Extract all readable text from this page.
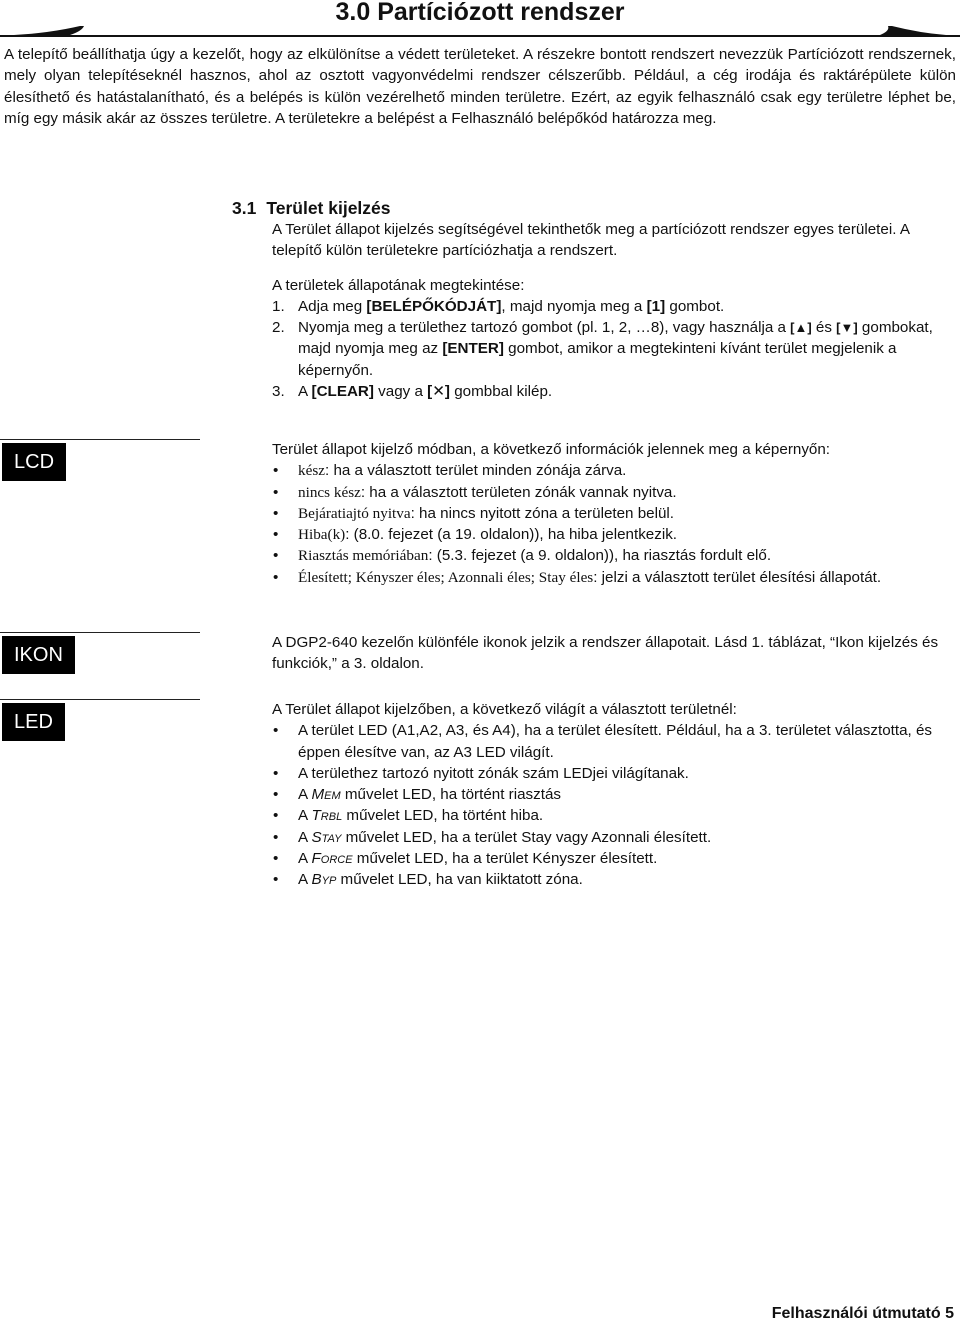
3.0 Partíciózott rendszer
A telepítő beállíthatja úgy a kezelőt, hogy az elkülönítse a védett területeket. A részekre bontott rendszert nevezzük Partíciózott rendszernek, mely olyan telepítéseknél hasznos, ahol az osztott vagyonvédelmi rendszer célszerűbb. Például, a cég irodája és raktárépülete külön élesíthető és hatástalanítható, és a belépés is külön vezérelhető minden területre. Ezért, az egyik felhasználó csak egy területre léphet be, míg egy másik akár az összes területre. A területekre a belépést a Felhasználó belépőkód határozza meg.
3.1 Terület kijelzés

A Terület állapot kijelzés segítségével tekinthetők meg a partíciózott rendszer egyes területei. A telepítő külön területekre partíciózhatja a rendszert.

A területek állapotának megtekintése:

1. Adja meg [BELÉPŐKÓDJÁT], majd nyomja meg a [1] gombot.
2. Nyomja meg a területhez tartozó gombot (pl. 1, 2, …8), vagy használja a [▲] és [▼] gombokat, majd nyomja meg az [ENTER] gombot, amikor a megtekinteni kívánt terület megjelenik a képernyőn.
3. A [CLEAR] vagy a [✕] gombbal kilép.
LCD

Terület állapot kijelző módban, a következő információk jelennek meg a képernyőn:

• kész: ha a választott terület minden zónája zárva.
• nincs kész: ha a választott területen zónák vannak nyitva.
• Bejáratiajtó nyitva: ha nincs nyitott zóna a területen belül.
• Hiba(k): (8.0. fejezet (a 19. oldalon)), ha hiba jelentkezik.
• Riasztás memóriában: (5.3. fejezet (a 9. oldalon)), ha riasztás fordult elő.
• Élesített; Kényszer éles; Azonnali éles; Stay éles: jelzi a választott terület élesítési állapotát.
IKON

A DGP2-640 kezelőn különféle ikonok jelzik a rendszer állapotait. Lásd 1. táblázat, “Ikon kijelzés és funkciók,” a 3. oldalon.

LED

A Terület állapot kijelzőben, a következő világít a választott területnél:

• A terület LED (A1,A2, A3, és A4), ha a terület élesített. Például, ha a 3. területet választotta, és éppen élesítve van, az A3 LED világít.
• A területhez tartozó nyitott zónák szám LEDjei világítanak.
• A Mem művelet LED, ha történt riasztás
• A Trbl művelet LED, ha történt hiba.
• A Stay művelet LED, ha a terület Stay vagy Azonnali élesített.
• A Force művelet LED, ha a terület Kényszer élesített.
• A Byp művelet LED, ha van kiiktatott zóna.
Felhasználói útmutató 5
